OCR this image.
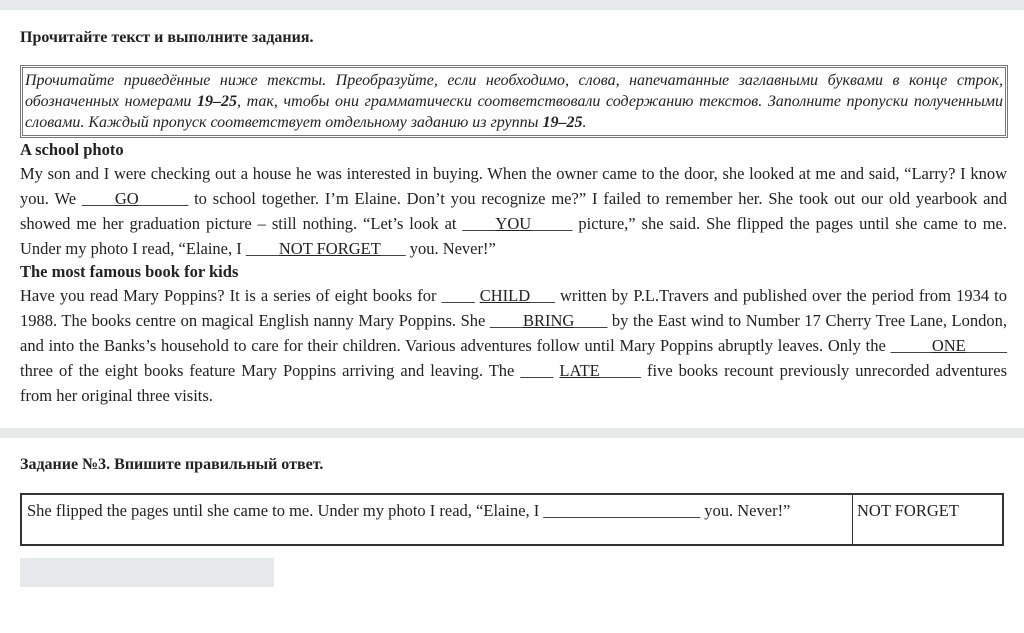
Прочитайте текст и выполните задания.
Прочитайте приведённые ниже тексты. Преобразуйте, если необходимо, слова, напечатанные заглавными буквами в конце строк, обозначенных номерами 19–25, так, чтобы они грамматически соответствовали содержанию текстов. Заполните пропуски полученными словами. Каждый пропуск соответствует отдельному заданию из группы 19–25.
A school photo
My son and I were checking out a house he was interested in buying. When the owner came to the door, she looked at me and said, “Larry? I know you. We ____GO______ to school together. I’m Elaine. Don’t you recognize me?” I failed to remember her. She took out our old yearbook and showed me her graduation picture – still nothing. “Let’s look at ____YOU_____ picture,” she said. She flipped the pages until she came to me. Under my photo I read, “Elaine, I ____NOT FORGET___ you. Never!”
The most famous book for kids
Have you read Mary Poppins? It is a series of eight books for ____ CHILD___ written by P.L.Travers and published over the period from 1934 to 1988. The books centre on magical English nanny Mary Poppins. She ____BRING____ by the East wind to Number 17 Cherry Tree Lane, London, and into the Banks’s household to care for their children. Various adventures follow until Mary Poppins abruptly leaves. Only the _____ONE_____ three of the eight books feature Mary Poppins arriving and leaving. The ____ LATE_____ five books recount previously unrecorded adventures from her original three visits.
Задание №3. Впишите правильный ответ.
She flipped the pages until she came to me. Under my photo I read, “Elaine, I ___________________ you. Never!”	NOT FORGET
